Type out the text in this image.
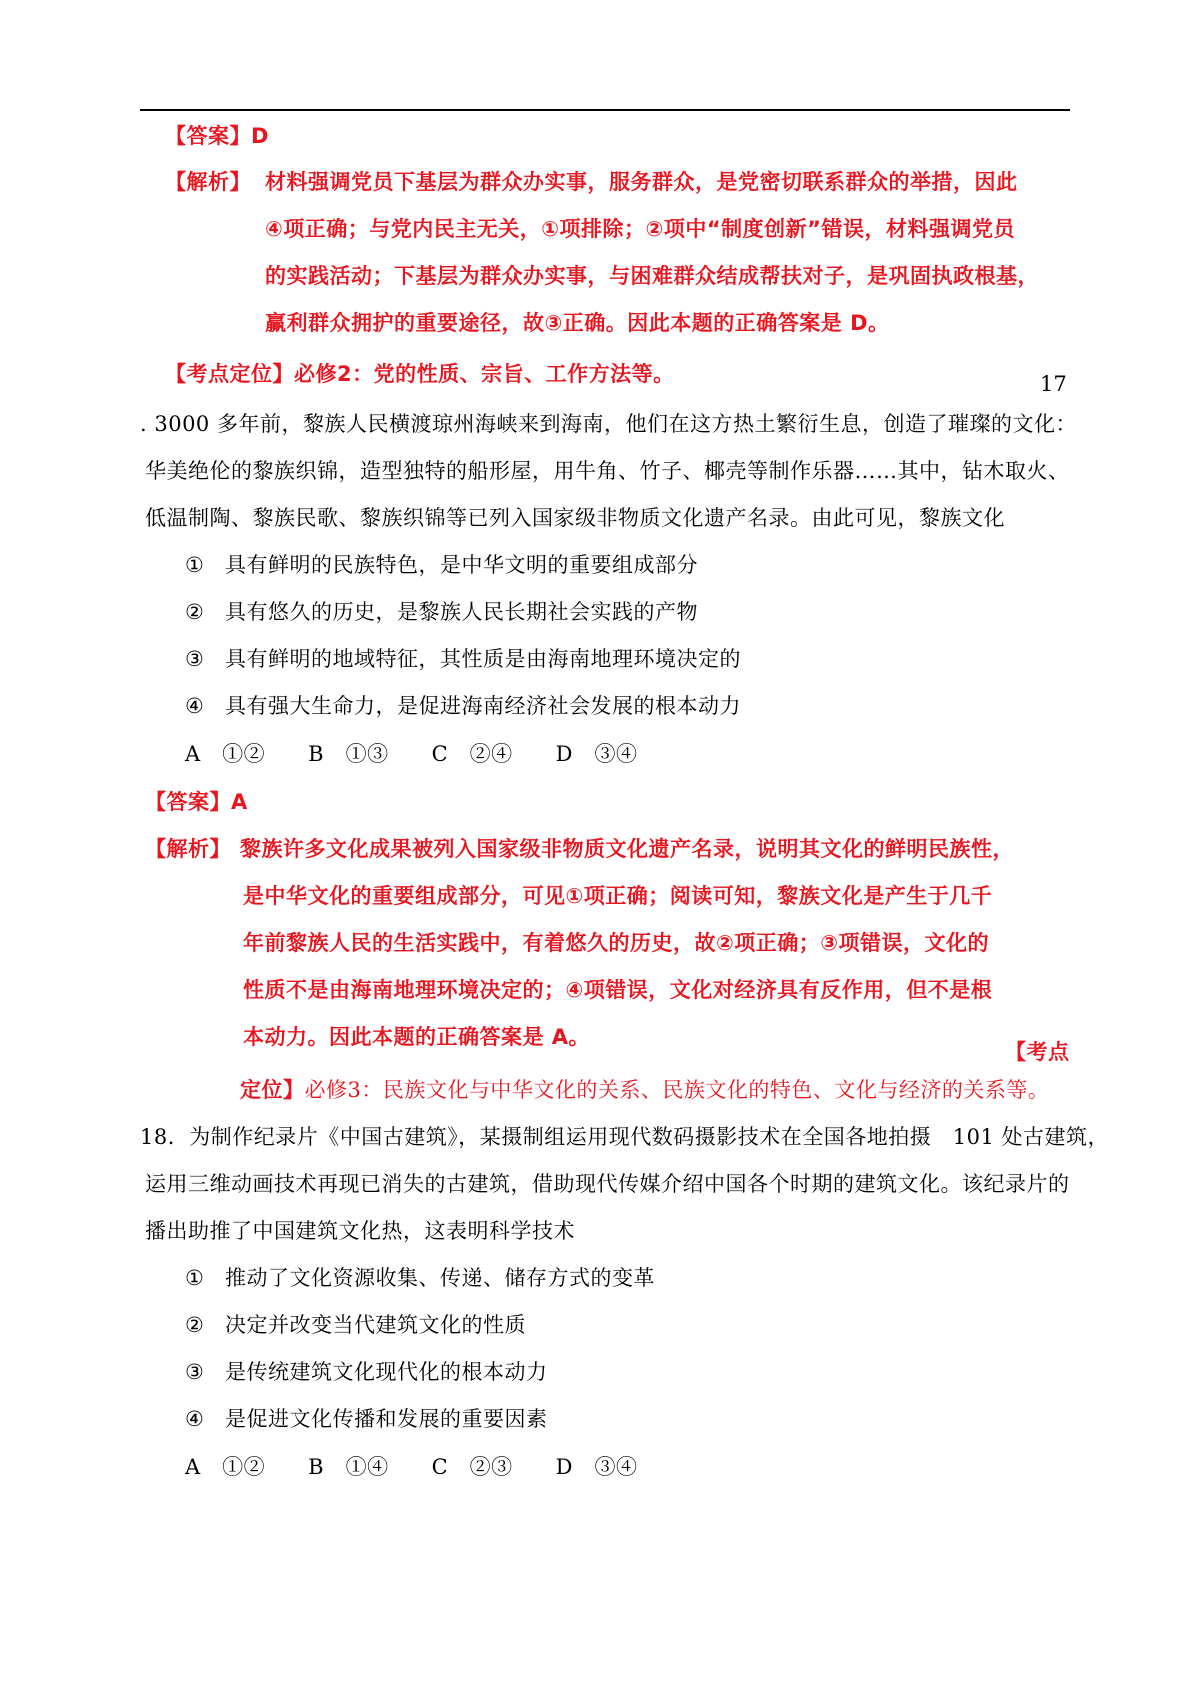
【答案】D
【解析】 材料强调党员下基层为群众办实事，服务群众，是党密切联系群众的举措，因此
④项正确；与党内民主无关，①项排除；②项中“制度创新”错误，材料强调党员
的实践活动；下基层为群众办实事，与困难群众结成帮扶对子，是巩固执政根基，
赢利群众拥护的重要途径，故③正确。因此本题的正确答案是 D。
【考点定位】必修2：党的性质、宗旨、工作方法等。	17
. 3000 多年前，黎族人民横渡琼州海峡来到海南，他们在这方热土繁衍生息，创造了璀璨的文化：
华美绝伦的黎族织锦，造型独特的船形屋，用牛角、竹子、椰壳等制作乐器……其中，钻木取火、
低温制陶、黎族民歌、黎族织锦等已列入国家级非物质文化遗产名录。由此可见，黎族文化
① 具有鲜明的民族特色，是中华文明的重要组成部分
② 具有悠久的历史，是黎族人民长期社会实践的产物
③ 具有鲜明的地域特征，其性质是由海南地理环境决定的
④ 具有强大生命力，是促进海南经济社会发展的根本动力
A　①②　　B　①③　　C　②④　　D　③④
【答案】A
【解析】 黎族许多文化成果被列入国家级非物质文化遗产名录，说明其文化的鲜明民族性，
是中华文化的重要组成部分，可见①项正确；阅读可知，黎族文化是产生于几千
年前黎族人民的生活实践中，有着悠久的历史，故②项正确；③项错误，文化的
性质不是由海南地理环境决定的；④项错误，文化对经济具有反作用，但不是根
本动力。因此本题的正确答案是 A。
【考点
定位】必修3：民族文化与中华文化的关系、民族文化的特色、文化与经济的关系等。
18．为制作纪录片《中国古建筑》，某摄制组运用现代数码摄影技术在全国各地拍摄　101 处古建筑，
运用三维动画技术再现已消失的古建筑，借助现代传媒介绍中国各个时期的建筑文化。该纪录片的
播出助推了中国建筑文化热，这表明科学技术
① 推动了文化资源收集、传递、储存方式的变革
② 决定并改变当代建筑文化的性质
③ 是传统建筑文化现代化的根本动力
④ 是促进文化传播和发展的重要因素
A　①②　　B　①④　　C　②③　　D　③④
